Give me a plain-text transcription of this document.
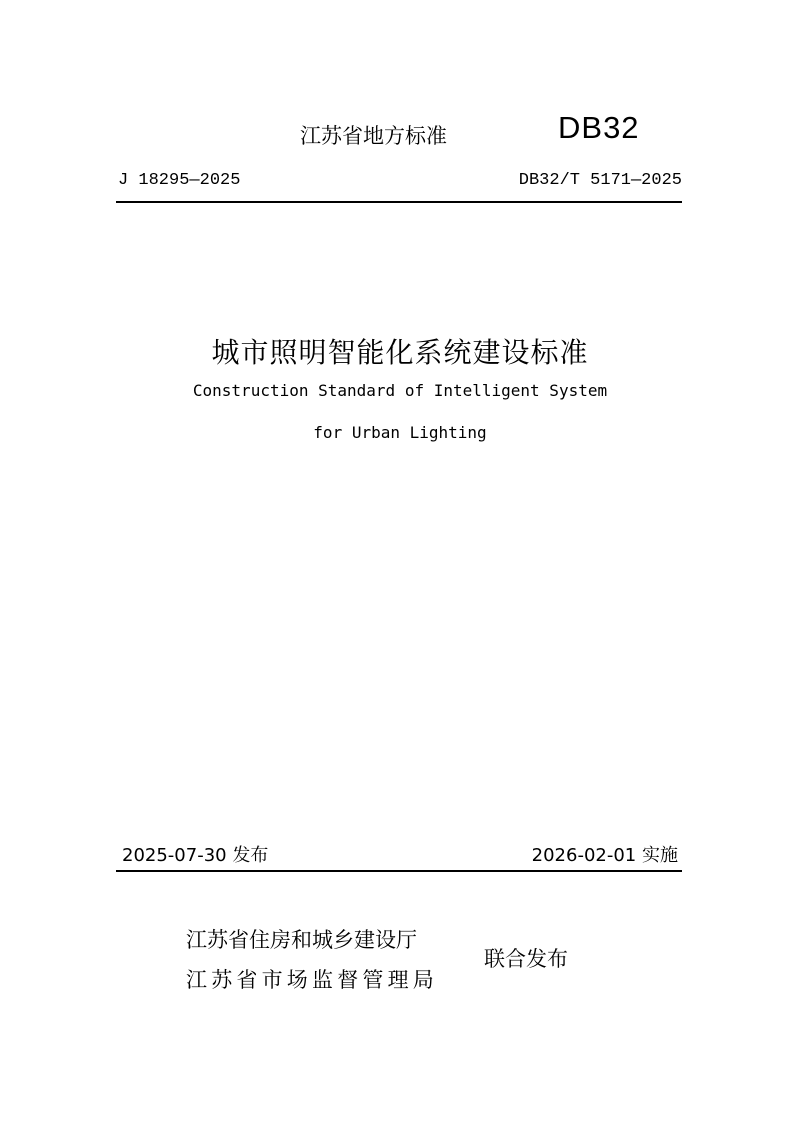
江苏省地方标准	DB32
J 18295—2025	DB32/T 5171—2025
城市照明智能化系统建设标准
Construction Standard of Intelligent System
for Urban Lighting
2025-07-30 发布	2026-02-01 实施
江苏省住房和城乡建设厅
江苏省市场监督管理局
联合发布
